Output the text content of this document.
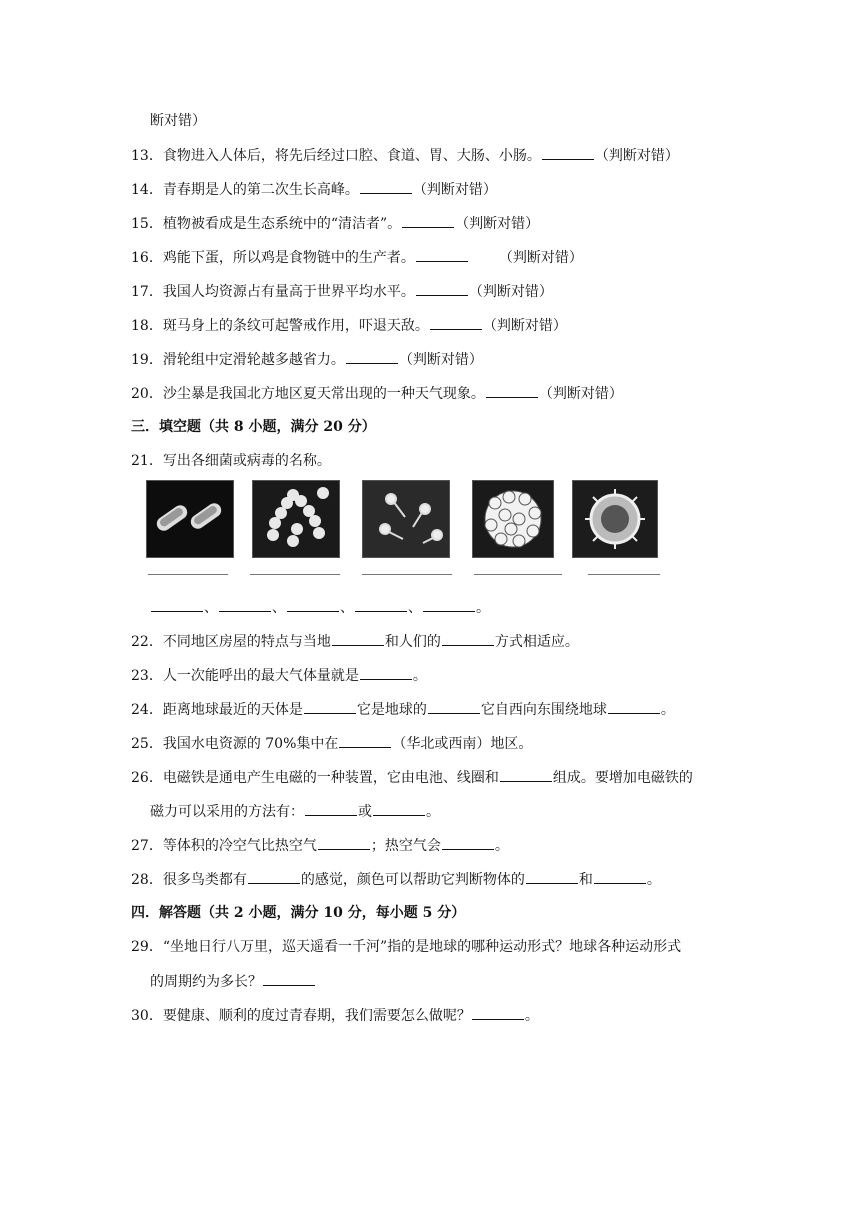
断对错）
13．食物进入人体后，将先后经过口腔、食道、胃、大肠、小肠。	（判断对错）
14．青春期是人的第二次生长高峰。	（判断对错）
15．植物被看成是生态系统中的“清洁者”。	（判断对错）
16．鸡能下蛋，所以鸡是食物链中的生产者。	（判断对错）
17．我国人均资源占有量高于世界平均水平。	（判断对错）
18．斑马身上的条纹可起警戒作用，吓退天敌。	（判断对错）
19．滑轮组中定滑轮越多越省力。	（判断对错）
20．沙尘暴是我国北方地区夏天常出现的一种天气现象。	（判断对错）
三．填空题（共 8 小题，满分 20 分）
21．写出各细菌或病毒的名称。
、	、	、	、	。
22．不同地区房屋的特点与当地	和人们的	方式相适应。
23．人一次能呼出的最大气体量就是	。
24．距离地球最近的天体是	它是地球的	它自西向东围绕地球	。
25．我国水电资源的 70%集中在	（华北或西南）地区。
26．电磁铁是通电产生电磁的一种装置，它由电池、线圈和	组成。要增加电磁铁的
磁力可以采用的方法有：	或	。
27．等体积的冷空气比热空气	；热空气会	。
28．很多鸟类都有	的感觉，颜色可以帮助它判断物体的	和	。
四．解答题（共 2 小题，满分 10 分，每小题 5 分）
29．“坐地日行八万里，巡天遥看一千河”指的是地球的哪种运动形式？地球各种运动形式
的周期约为多长？
30．要健康、顺利的度过青春期，我们需要怎么做呢？	。
